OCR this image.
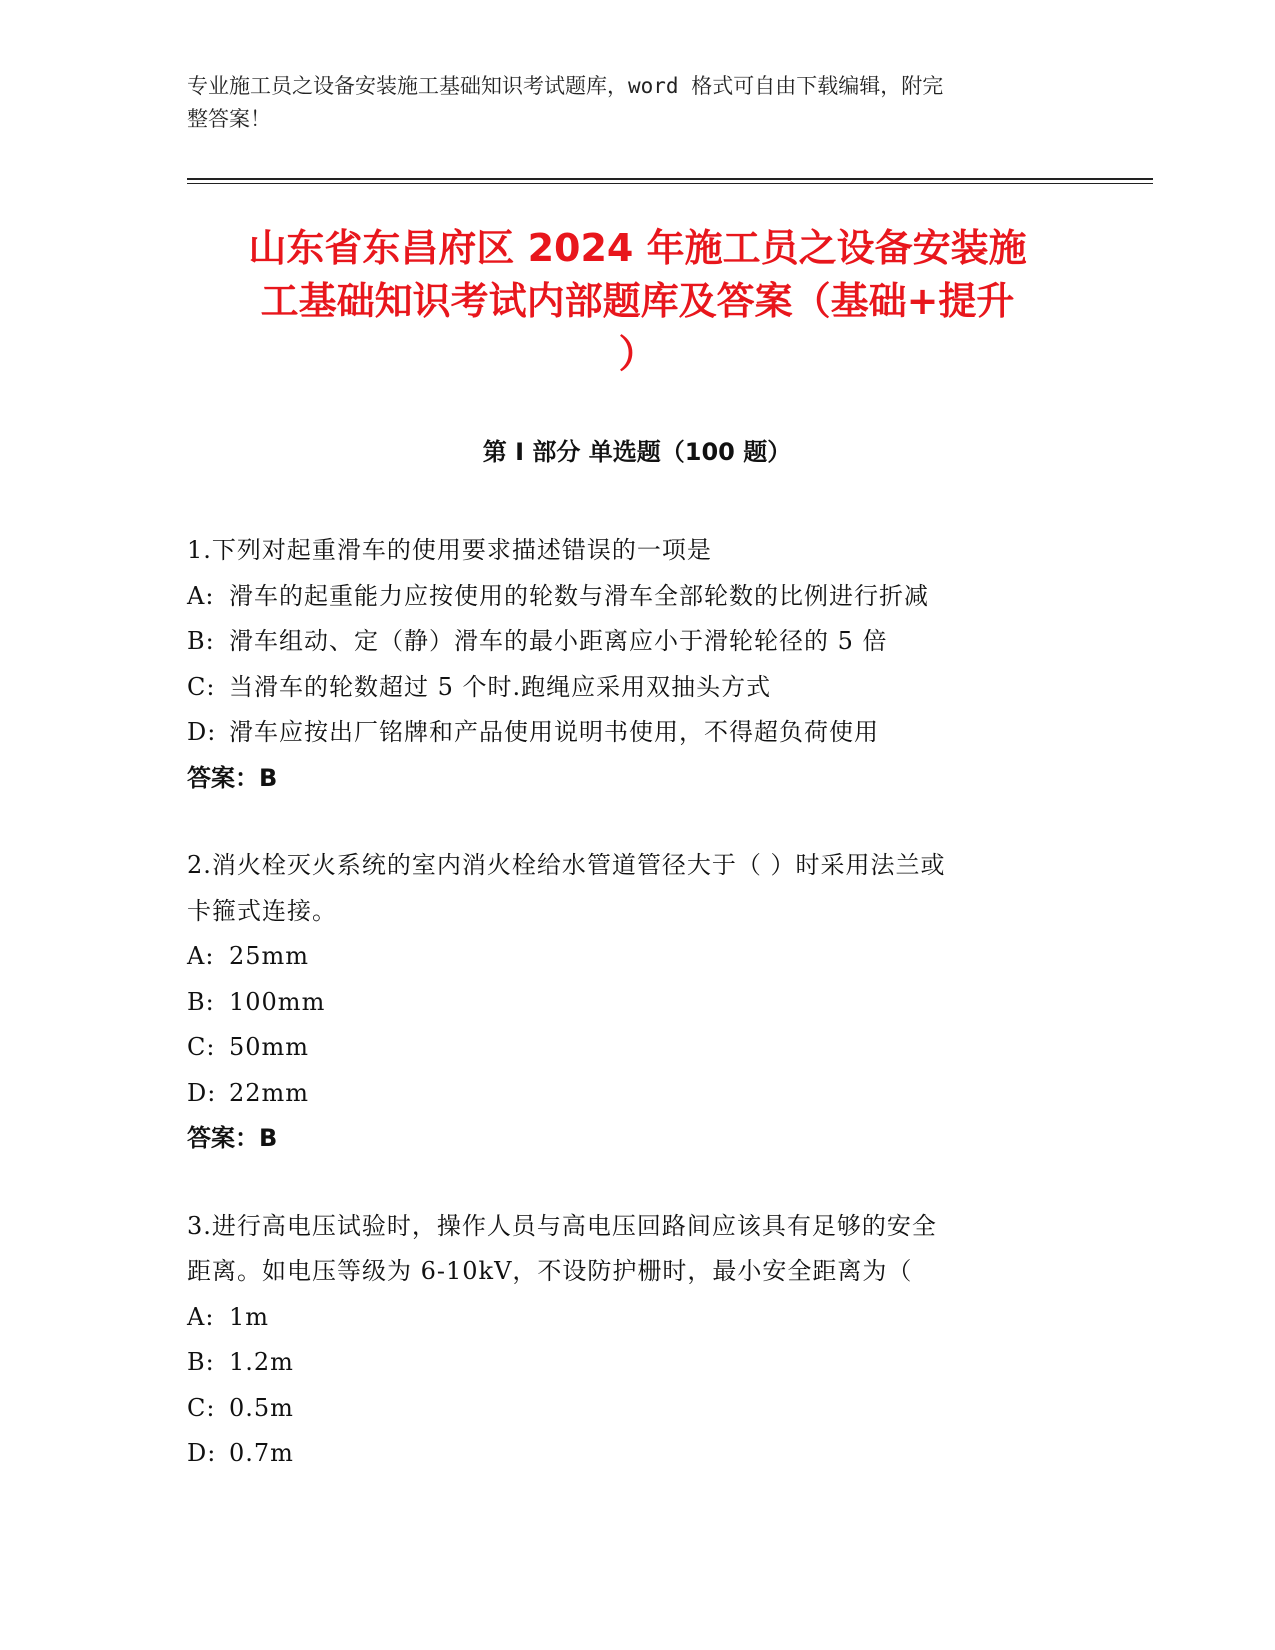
专业施工员之设备安装施工基础知识考试题库，word 格式可自由下载编辑，附完
整答案！
山东省东昌府区 2024 年施工员之设备安装施
工基础知识考试内部题库及答案（基础+提升
）
第 I 部分 单选题（100 题）
1.下列对起重滑车的使用要求描述错误的一项是
A: 滑车的起重能力应按使用的轮数与滑车全部轮数的比例进行折减
B: 滑车组动、定（静）滑车的最小距离应小于滑轮轮径的 5 倍
C: 当滑车的轮数超过 5 个时.跑绳应采用双抽头方式
D: 滑车应按出厂铭牌和产品使用说明书使用，不得超负荷使用
答案：B
2.消火栓灭火系统的室内消火栓给水管道管径大于（ ）时采用法兰或
卡箍式连接。
A: 25mm
B: 100mm
C: 50mm
D: 22mm
答案：B
3.进行高电压试验时，操作人员与高电压回路间应该具有足够的安全
距离。如电压等级为 6-10kV，不设防护栅时，最小安全距离为（
A: 1m
B: 1.2m
C: 0.5m
D: 0.7m
